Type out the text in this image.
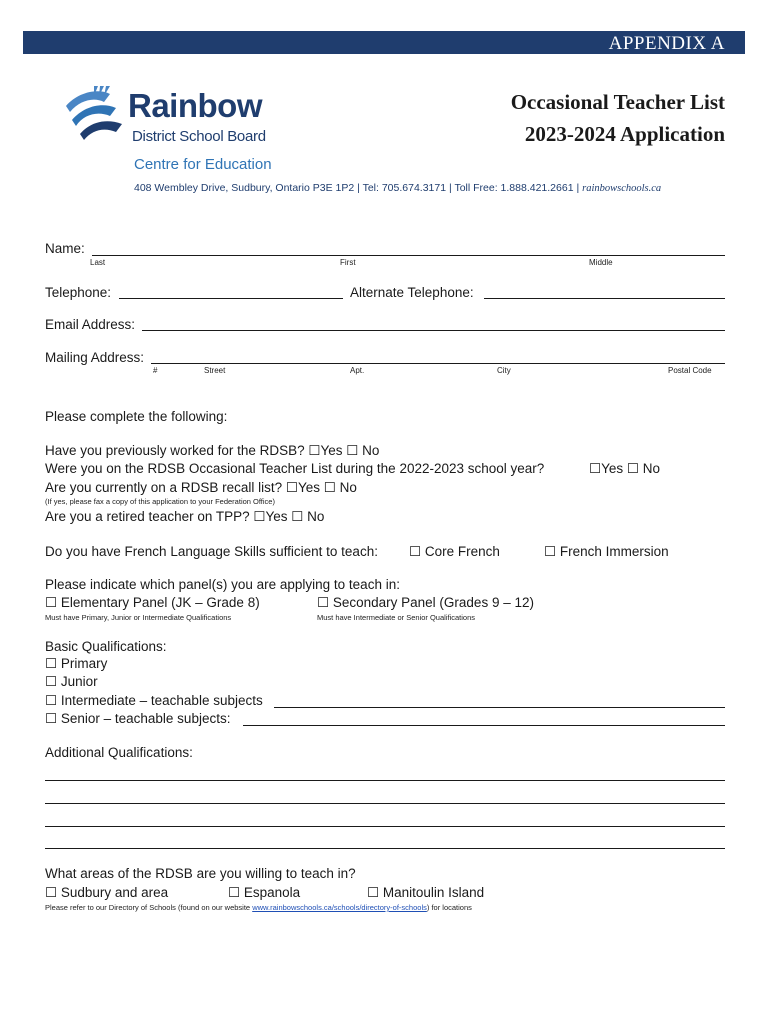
APPENDIX A
Rainbow
District School Board
Centre for Education
408 Wembley Drive, Sudbury, Ontario P3E 1P2 | Tel: 705.674.3171 | Toll Free: 1.888.421.2661 | rainbowschools.ca
Occasional Teacher List
2023-2024 Application
Name:
Last	First	Middle
Telephone:	Alternate Telephone:
Email Address:
Mailing Address:
#	Street	Apt.	City	Postal Code
Please complete the following:
Have you previously worked for the RDSB? ☐Yes ☐ No
Were you on the RDSB Occasional Teacher List during the 2022-2023 school year?	☐Yes ☐ No
Are you currently on a RDSB recall list? ☐Yes ☐ No
(If yes, please fax a copy of this application to your Federation Office)
Are you a retired teacher on TPP? ☐Yes ☐ No
Do you have French Language Skills sufficient to teach: ☐ Core French	☐ French Immersion
Please indicate which panel(s) you are applying to teach in:
☐ Elementary Panel (JK – Grade 8)
Must have Primary, Junior or Intermediate Qualifications
☐ Secondary Panel (Grades 9 – 12)
Must have Intermediate or Senior Qualifications
Basic Qualifications:
☐ Primary
☐ Junior
☐ Intermediate – teachable subjects
☐ Senior – teachable subjects:
Additional Qualifications:
What areas of the RDSB are you willing to teach in?
☐ Sudbury and area	☐ Espanola	☐ Manitoulin Island
Please refer to our Directory of Schools (found on our website www.rainbowschools.ca/schools/directory-of-schools) for locations
